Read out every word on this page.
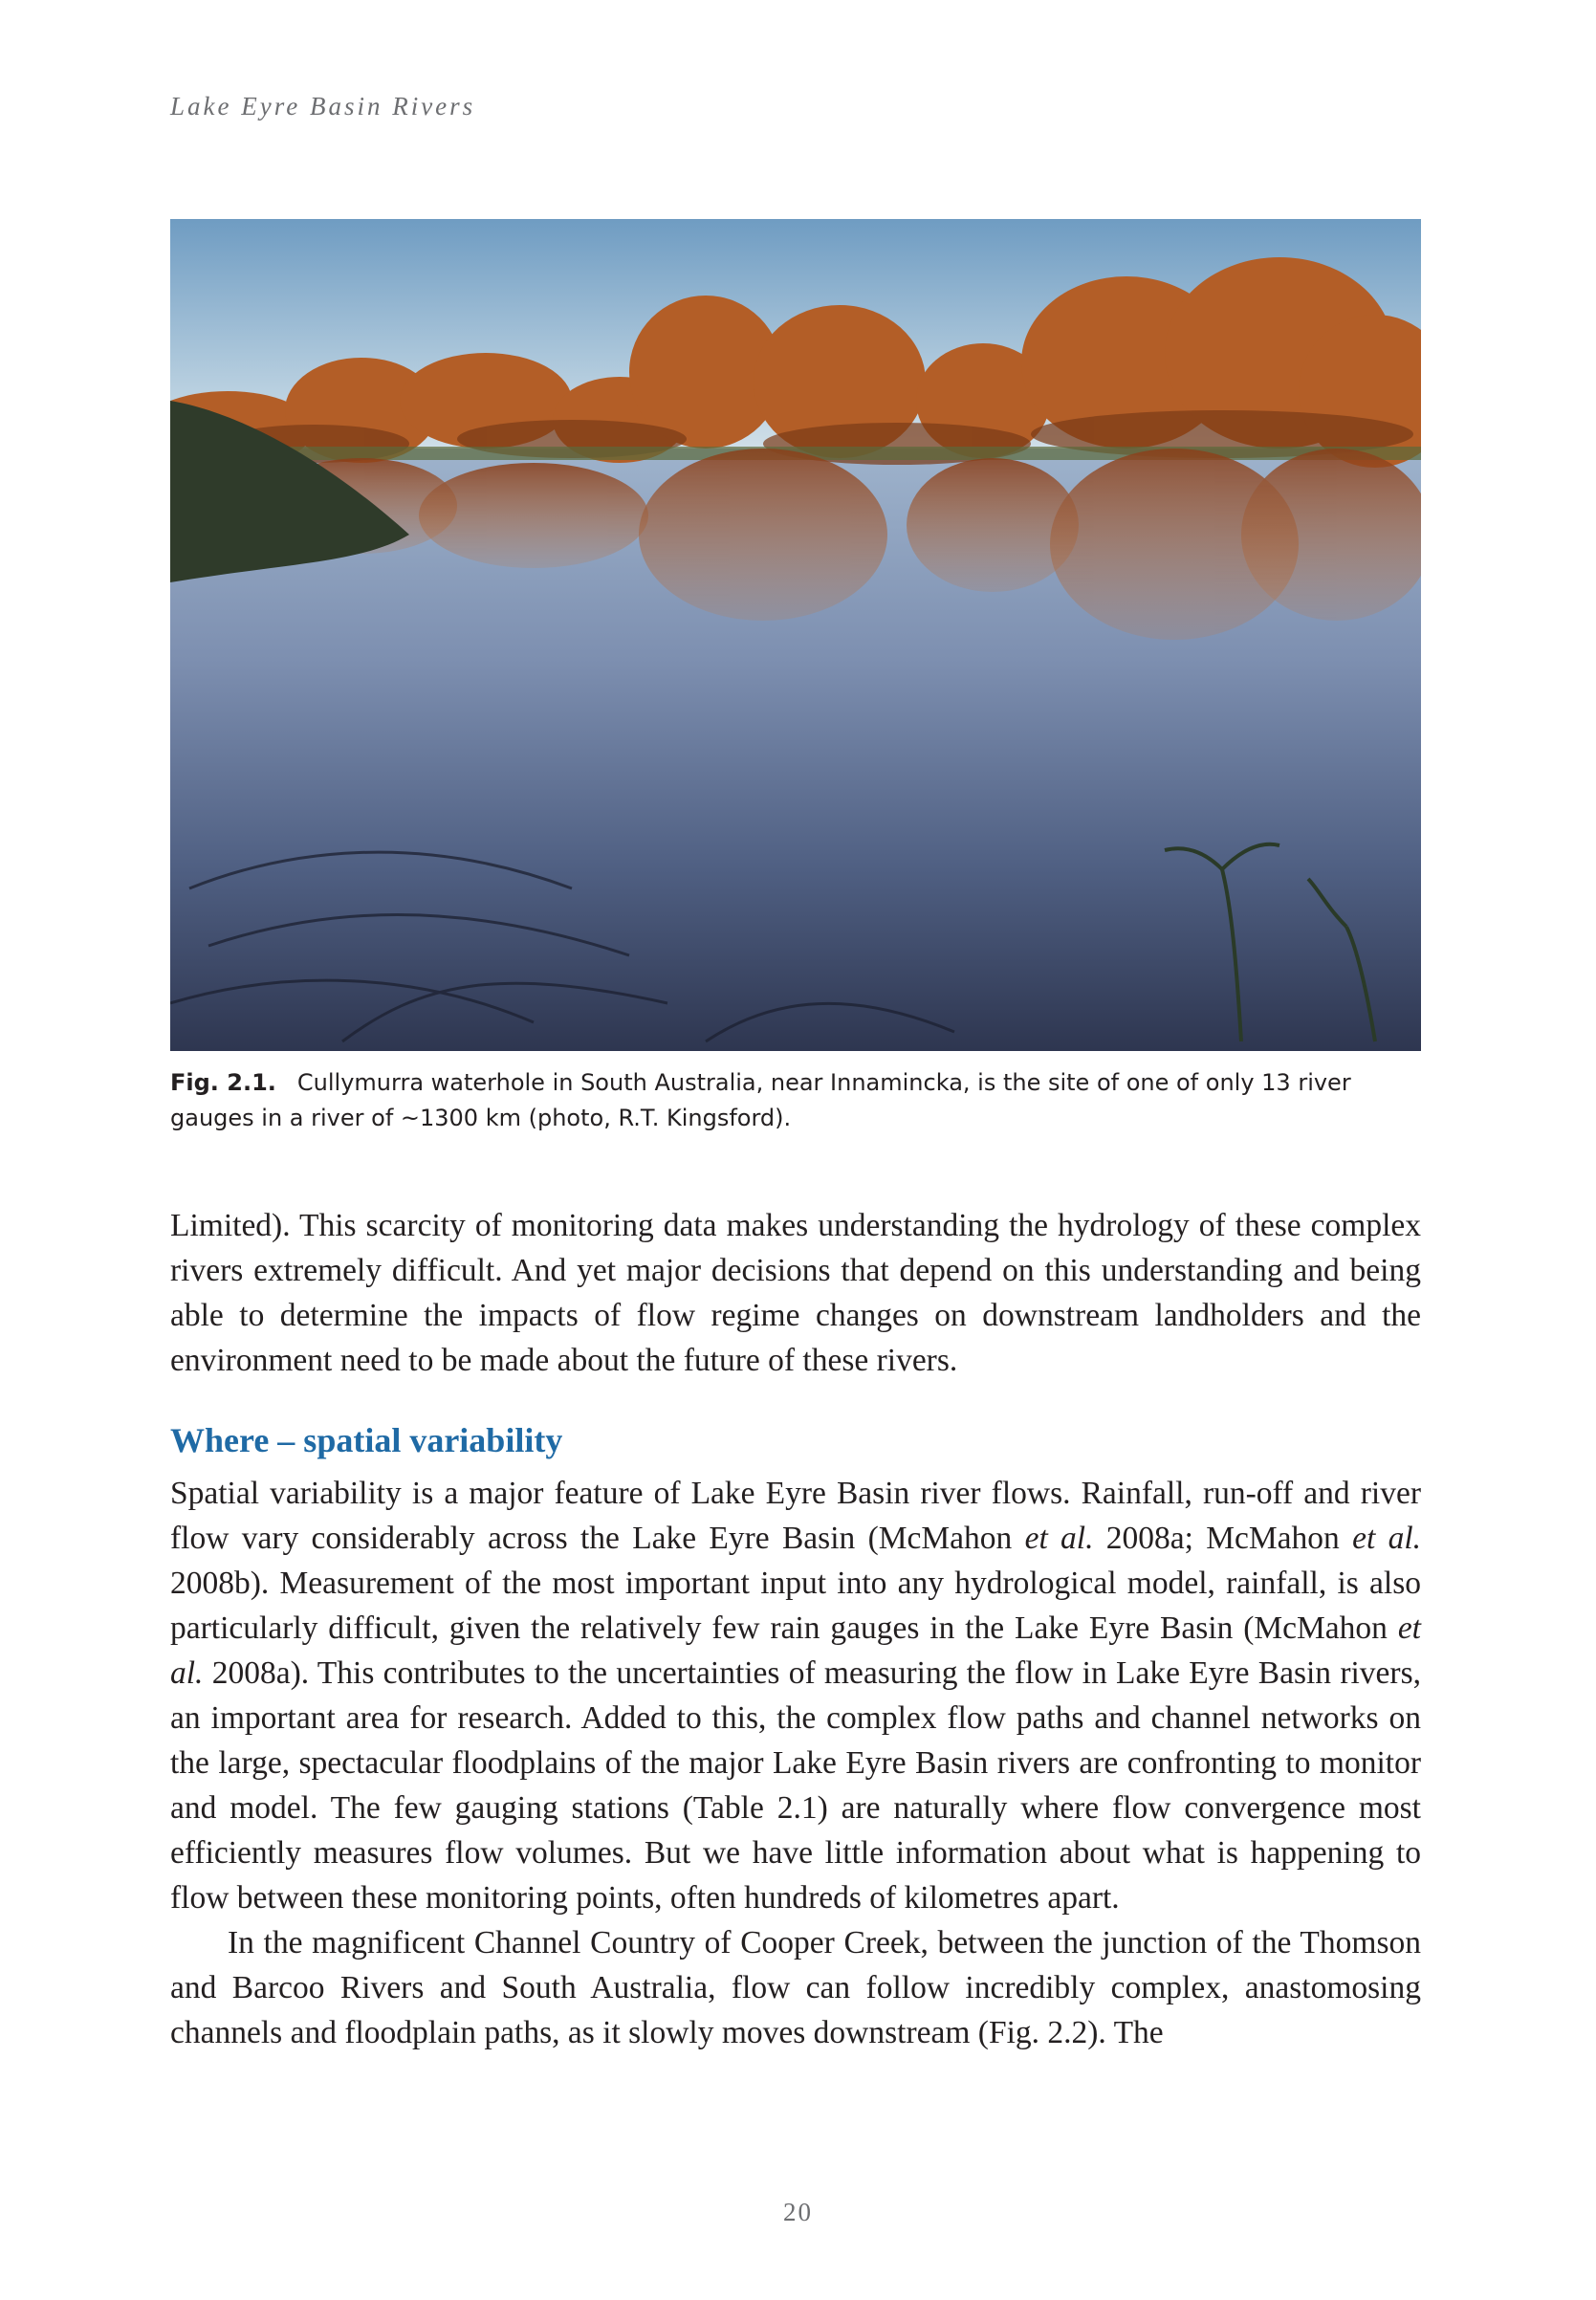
Lake Eyre Basin Rivers
Fig. 2.1. Cullymurra waterhole in South Australia, near Innamincka, is the site of one of only 13 river gauges in a river of ~1300 km (photo, R.T. Kingsford).

Limited). This scarcity of monitoring data makes understanding the hydrology of these complex rivers extremely difficult. And yet major decisions that depend on this understanding and being able to determine the impacts of flow regime changes on downstream landholders and the environment need to be made about the future of these rivers.

Where – spatial variability

Spatial variability is a major feature of Lake Eyre Basin river flows. Rainfall, run-off and river flow vary considerably across the Lake Eyre Basin (McMahon et al. 2008a; McMahon et al. 2008b). Measurement of the most important input into any hydrological model, rainfall, is also particularly difficult, given the relatively few rain gauges in the Lake Eyre Basin (McMahon et al. 2008a). This contributes to the uncertainties of measuring the flow in Lake Eyre Basin rivers, an important area for research. Added to this, the complex flow paths and channel networks on the large, spectacular floodplains of the major Lake Eyre Basin rivers are confronting to monitor and model. The few gauging stations (Table 2.1) are naturally where flow convergence most efficiently measures flow volumes. But we have little information about what is happening to flow between these monitoring points, often hundreds of kilometres apart.

In the magnificent Channel Country of Cooper Creek, between the junction of the Thomson and Barcoo Rivers and South Australia, flow can follow incredibly complex, anastomosing channels and floodplain paths, as it slowly moves downstream (Fig. 2.2). The

20
